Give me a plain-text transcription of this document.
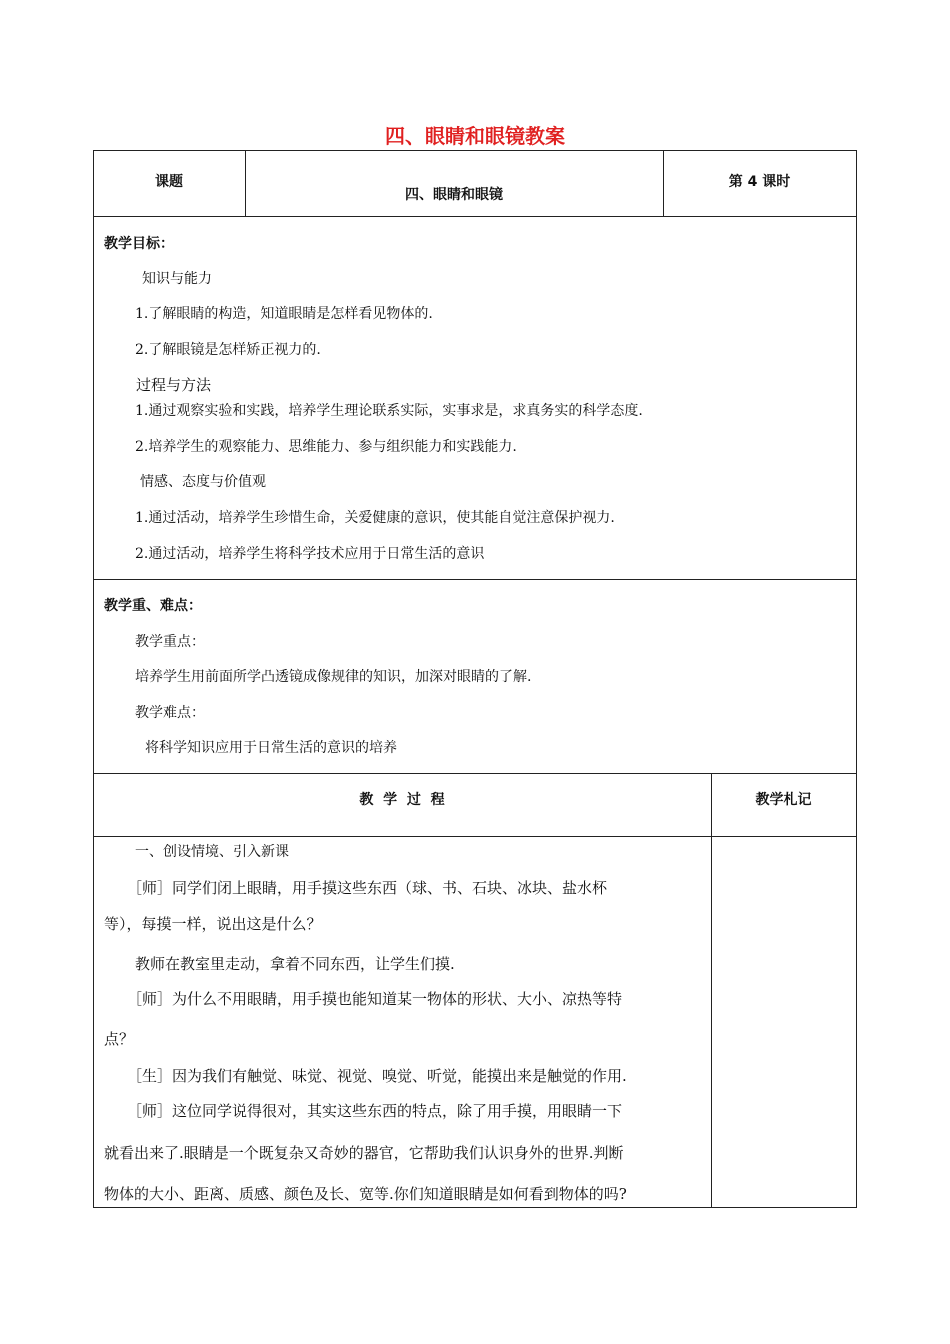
四、眼睛和眼镜教案
课题
四、眼睛和眼镜
第 4 课时
教学目标：
知识与能力
1.了解眼睛的构造，知道眼睛是怎样看见物体的.
2.了解眼镜是怎样矫正视力的.
过程与方法
1.通过观察实验和实践，培养学生理论联系实际，实事求是，求真务实的科学态度.
2.培养学生的观察能力、思维能力、参与组织能力和实践能力.
情感、态度与价值观
1.通过活动，培养学生珍惜生命，关爱健康的意识，使其能自觉注意保护视力.
2.通过活动，培养学生将科学技术应用于日常生活的意识
教学重、难点：
教学重点：
培养学生用前面所学凸透镜成像规律的知识，加深对眼睛的了解.
教学难点：
将科学知识应用于日常生活的意识的培养
教  学  过  程	教学札记
一、创设情境、引入新课
［师］同学们闭上眼睛，用手摸这些东西（球、书、石块、冰块、盐水杯
等），每摸一样，说出这是什么？
教师在教室里走动，拿着不同东西，让学生们摸.
［师］为什么不用眼睛，用手摸也能知道某一物体的形状、大小、凉热等特
点？
［生］因为我们有触觉、味觉、视觉、嗅觉、听觉，能摸出来是触觉的作用.
［师］这位同学说得很对，其实这些东西的特点，除了用手摸，用眼睛一下
就看出来了.眼睛是一个既复杂又奇妙的器官，它帮助我们认识身外的世界.判断
物体的大小、距离、质感、颜色及长、宽等.你们知道眼睛是如何看到物体的吗?
